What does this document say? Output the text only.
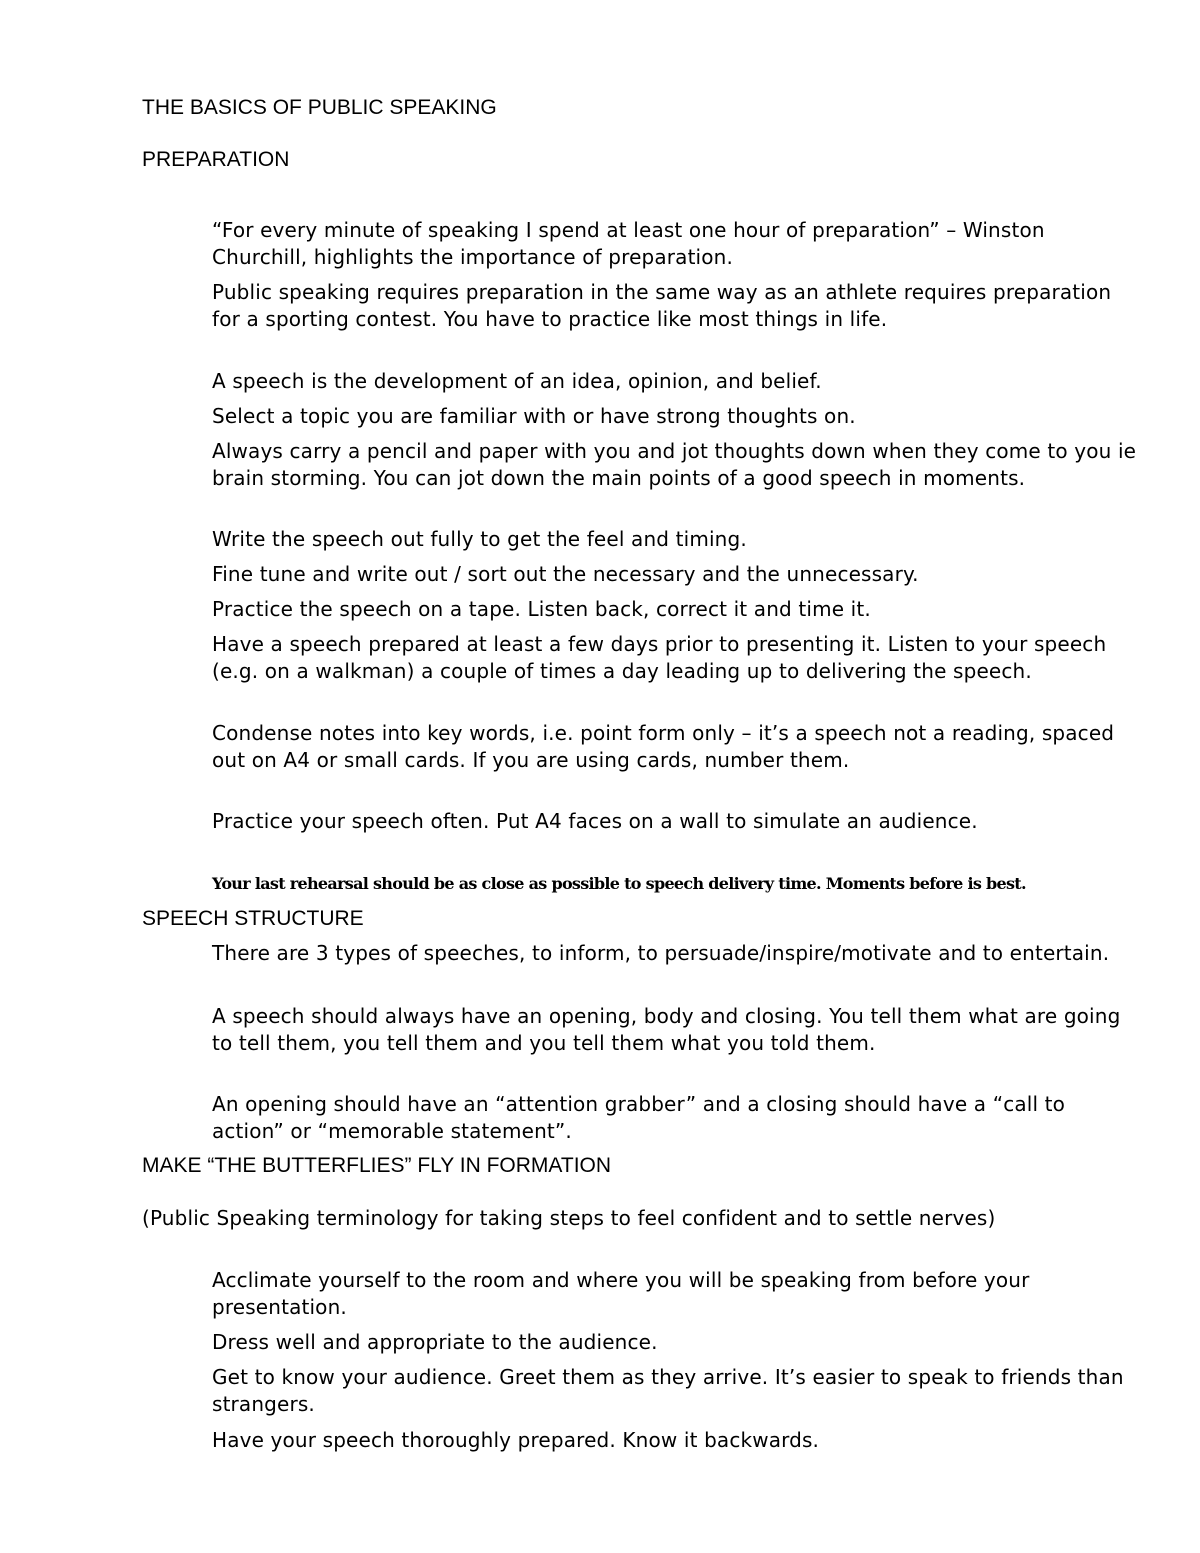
THE BASICS OF PUBLIC SPEAKING
PREPARATION

“For every minute of speaking I spend at least one hour of preparation” – Winston Churchill, highlights the importance of preparation.

Public speaking requires preparation in the same way as an athlete requires preparation for a sporting contest. You have to practice like most things in life.

A speech is the development of an idea, opinion, and belief.

Select a topic you are familiar with or have strong thoughts on.

Always carry a pencil and paper with you and jot thoughts down when they come to you ie brain storming. You can jot down the main points of a good speech in moments.

Write the speech out fully to get the feel and timing.

Fine tune and write out / sort out the necessary and the unnecessary.

Practice the speech on a tape. Listen back, correct it and time it.

Have a speech prepared at least a few days prior to presenting it. Listen to your speech (e.g. on a walkman) a couple of times a day leading up to delivering the speech.

Condense notes into key words, i.e. point form only – it’s a speech not a reading, spaced out on A4 or small cards. If you are using cards, number them.

Practice your speech often. Put A4 faces on a wall to simulate an audience.

Your last rehearsal should be as close as possible to speech delivery time. Moments before is best.

SPEECH STRUCTURE

There are 3 types of speeches, to inform, to persuade/inspire/motivate and to entertain.

A speech should always have an opening, body and closing. You tell them what are going to tell them, you tell them and you tell them what you told them.

An opening should have an “attention grabber” and a closing should have a “call to action” or “memorable statement”.

MAKE “THE BUTTERFLIES” FLY IN FORMATION

(Public Speaking terminology for taking steps to feel confident and to settle nerves)

Acclimate yourself to the room and where you will be speaking from before your presentation.

Dress well and appropriate to the audience.

Get to know your audience. Greet them as they arrive. It’s easier to speak to friends than strangers.

Have your speech thoroughly prepared. Know it backwards.
